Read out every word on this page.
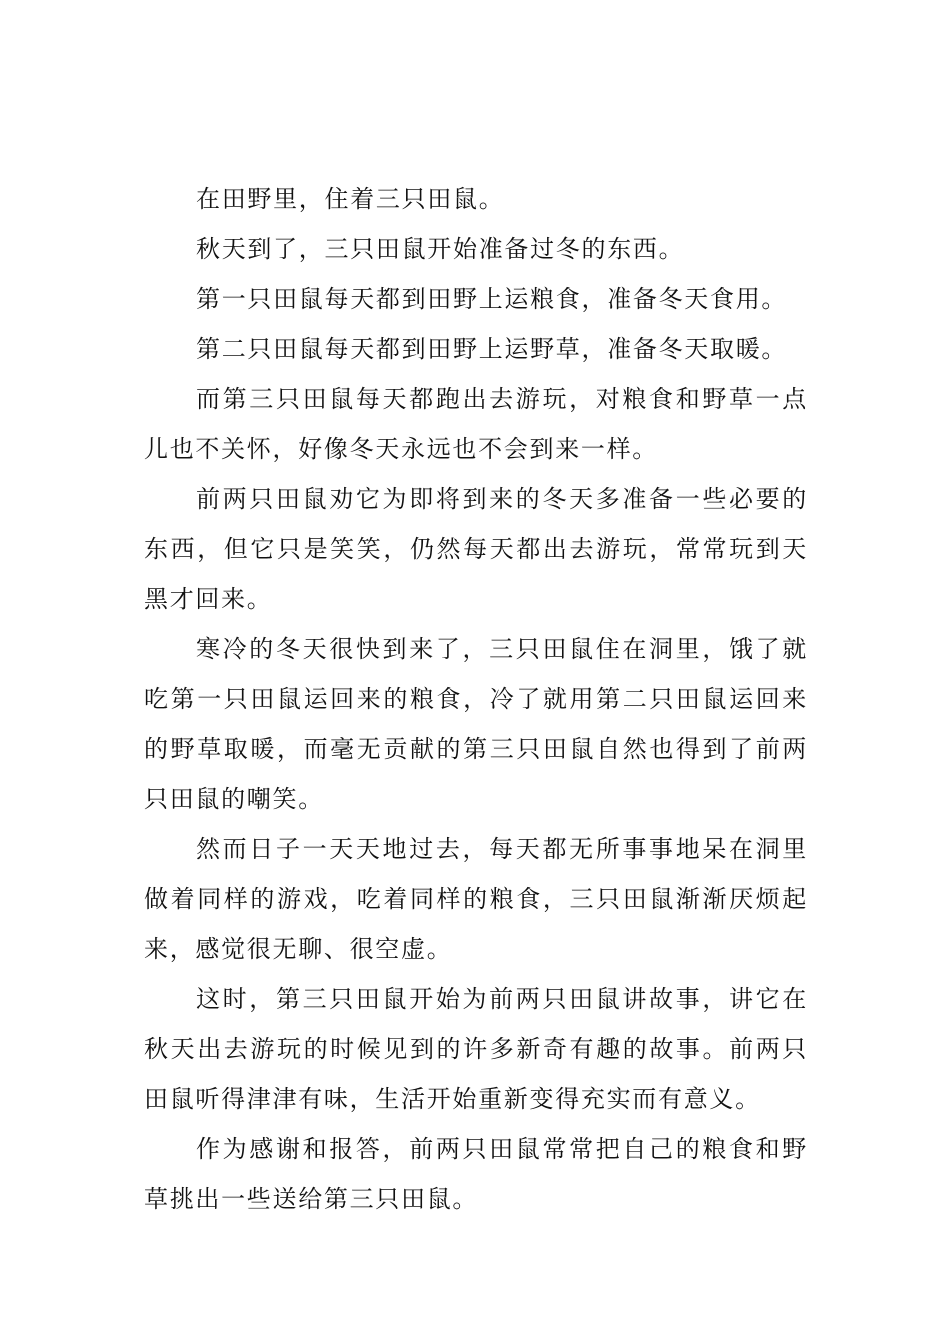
在田野里，住着三只田鼠。

秋天到了，三只田鼠开始准备过冬的东西。

第一只田鼠每天都到田野上运粮食，准备冬天食用。

第二只田鼠每天都到田野上运野草，准备冬天取暖。

而第三只田鼠每天都跑出去游玩，对粮食和野草一点儿也不关怀，好像冬天永远也不会到来一样。

前两只田鼠劝它为即将到来的冬天多准备一些必要的东西，但它只是笑笑，仍然每天都出去游玩，常常玩到天黑才回来。

寒冷的冬天很快到来了，三只田鼠住在洞里，饿了就吃第一只田鼠运回来的粮食，冷了就用第二只田鼠运回来的野草取暖，而毫无贡献的第三只田鼠自然也得到了前两只田鼠的嘲笑。

然而日子一天天地过去，每天都无所事事地呆在洞里做着同样的游戏，吃着同样的粮食，三只田鼠渐渐厌烦起来，感觉很无聊、很空虚。

这时，第三只田鼠开始为前两只田鼠讲故事，讲它在秋天出去游玩的时候见到的许多新奇有趣的故事。前两只田鼠听得津津有味，生活开始重新变得充实而有意义。

作为感谢和报答，前两只田鼠常常把自己的粮食和野草挑出一些送给第三只田鼠。
